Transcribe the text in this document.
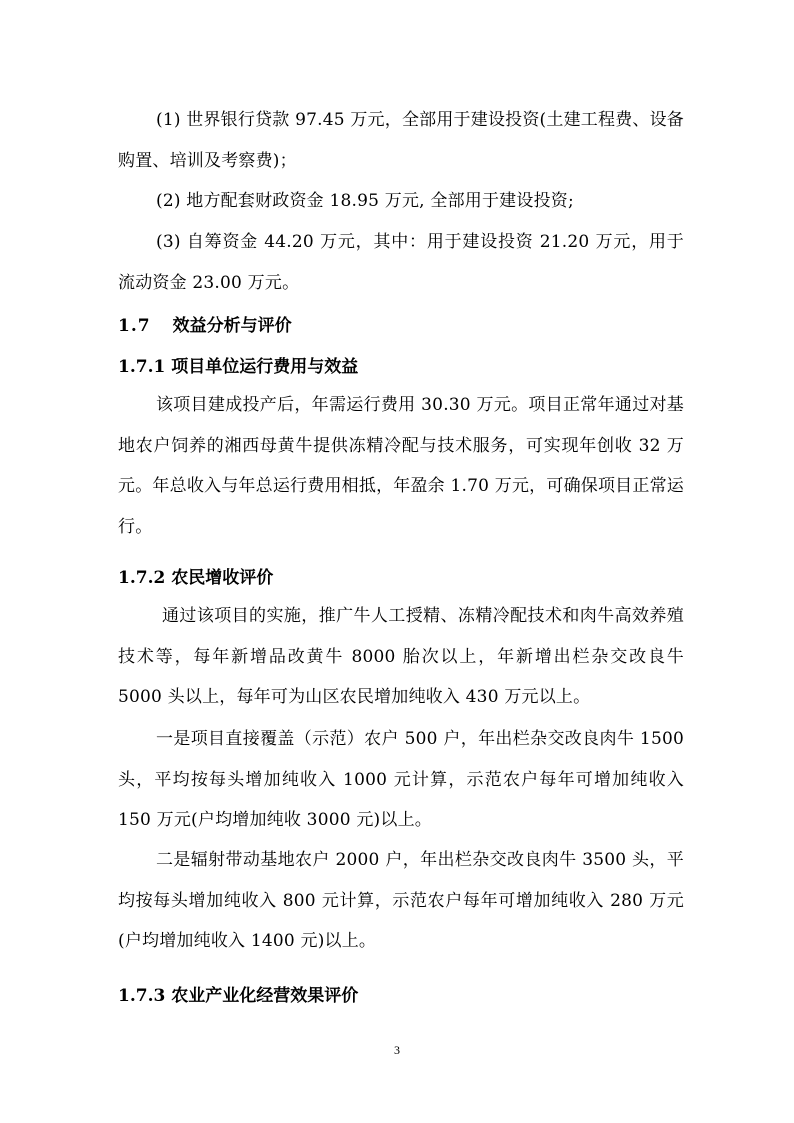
(1) 世界银行贷款 97.45 万元，全部用于建设投资(土建工程费、设备购置、培训及考察费)；

(2) 地方配套财政资金 18.95 万元, 全部用于建设投资;

(3) 自筹资金 44.20 万元，其中：用于建设投资 21.20 万元，用于流动资金 23.00 万元。

1.7 效益分析与评价
1.7.1 项目单位运行费用与效益

该项目建成投产后，年需运行费用 30.30 万元。项目正常年通过对基地农户饲养的湘西母黄牛提供冻精冷配与技术服务，可实现年创收 32 万元。年总收入与年总运行费用相抵，年盈余 1.70 万元，可确保项目正常运行。

1.7.2 农民增收评价

通过该项目的实施，推广牛人工授精、冻精冷配技术和肉牛高效养殖技术等，每年新增品改黄牛 8000 胎次以上，年新增出栏杂交改良牛 5000 头以上，每年可为山区农民增加纯收入 430 万元以上。

一是项目直接覆盖（示范）农户 500 户，年出栏杂交改良肉牛 1500 头，平均按每头增加纯收入 1000 元计算，示范农户每年可增加纯收入 150 万元(户均增加纯收 3000 元)以上。

二是辐射带动基地农户 2000 户，年出栏杂交改良肉牛 3500 头，平均按每头增加纯收入 800 元计算，示范农户每年可增加纯收入 280 万元(户均增加纯收入 1400 元)以上。

1.7.3 农业产业化经营效果评价
3
